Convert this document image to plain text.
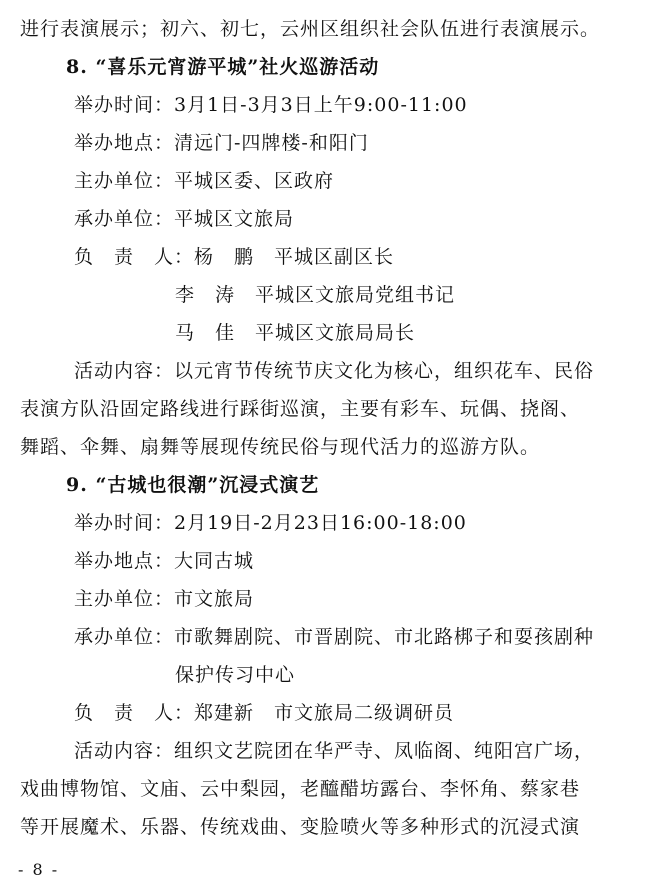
进行表演展示；初六、初七，云州区组织社会队伍进行表演展示。
8. “喜乐元宵游平城”社火巡游活动
举办时间：3月1日-3月3日上午9:00-11:00
举办地点：清远门-四牌楼-和阳门
主办单位：平城区委、区政府
承办单位：平城区文旅局
负　责　人：杨　鹏　平城区副区长
李　涛　平城区文旅局党组书记
马　佳　平城区文旅局局长
活动内容：以元宵节传统节庆文化为核心，组织花车、民俗
表演方队沿固定路线进行踩街巡演，主要有彩车、玩偶、挠阁、
舞蹈、伞舞、扇舞等展现传统民俗与现代活力的巡游方队。
9. “古城也很潮”沉浸式演艺
举办时间：2月19日-2月23日16:00-18:00
举办地点：大同古城
主办单位：市文旅局
承办单位：市歌舞剧院、市晋剧院、市北路梆子和耍孩剧种
保护传习中心
负　责　人：郑建新　市文旅局二级调研员
活动内容：组织文艺院团在华严寺、凤临阁、纯阳宫广场，
戏曲博物馆、文庙、云中梨园，老醯醋坊露台、李怀角、蔡家巷
等开展魔术、乐器、传统戏曲、变脸喷火等多种形式的沉浸式演
- 8 -
